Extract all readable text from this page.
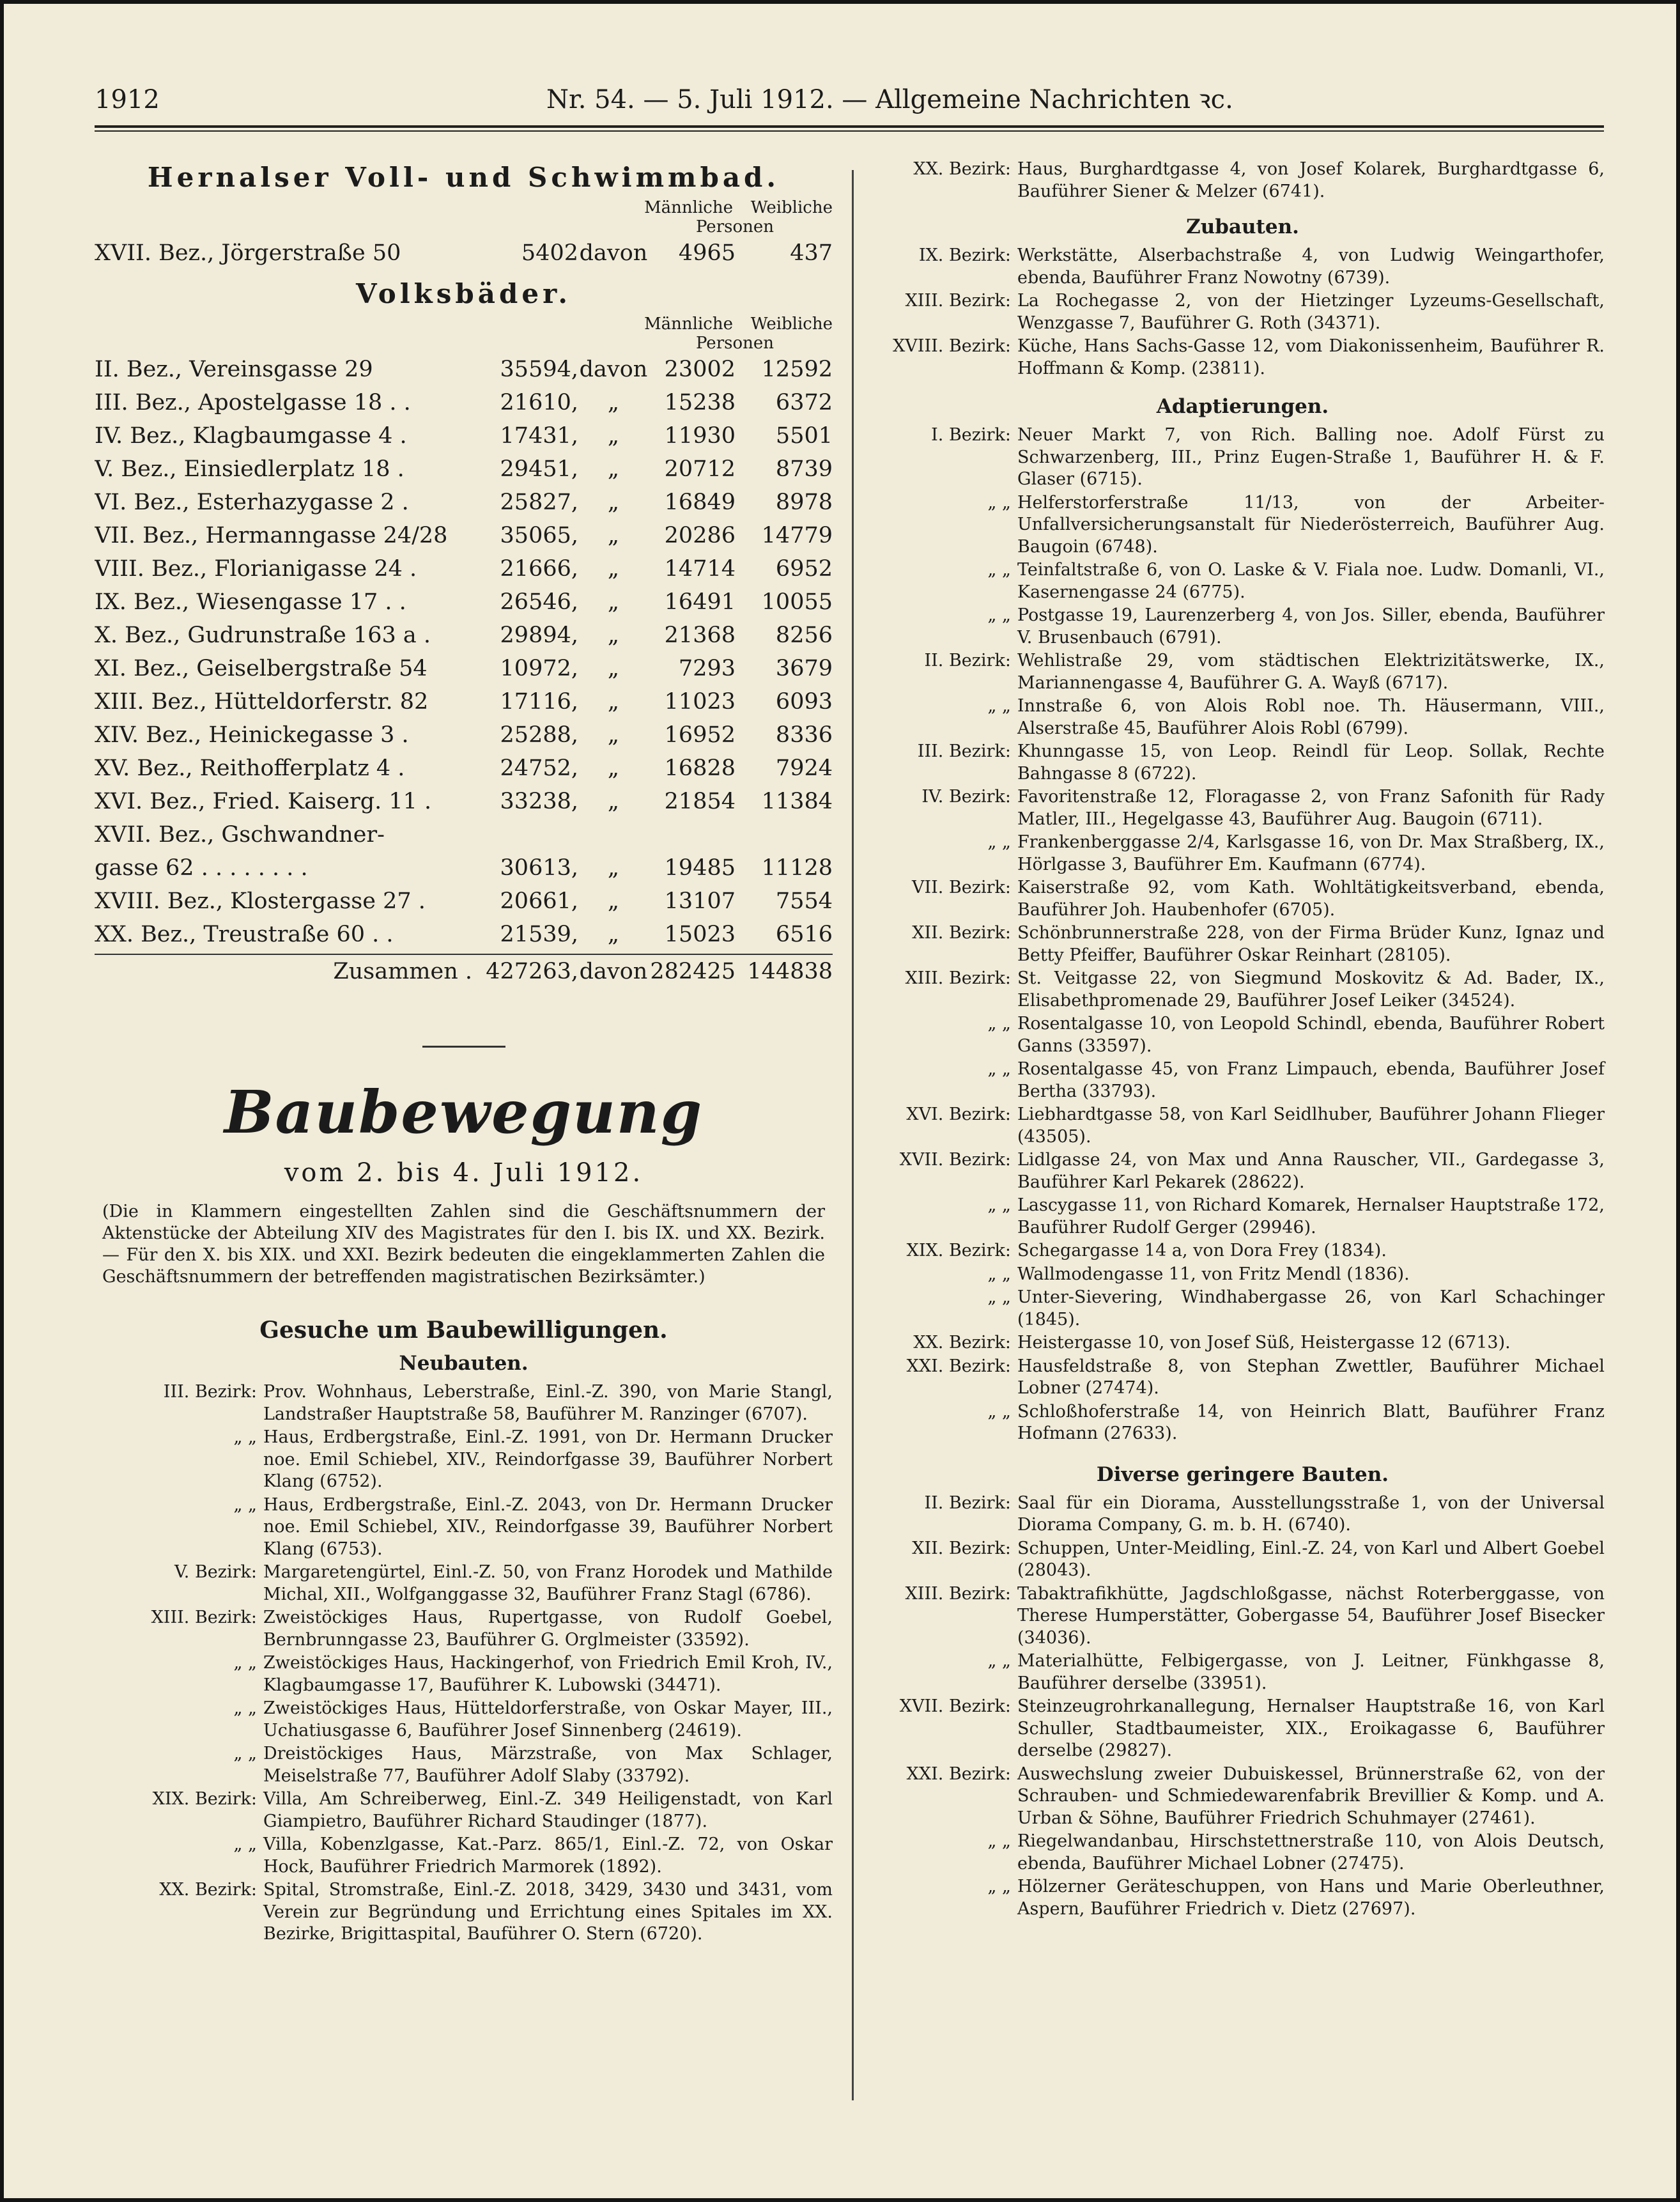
1912	Nr. 54. — 5. Juli 1912. — Allgemeine Nachrichten ꝛc.
Hernalser Voll- und Schwimmbad.
Männliche	Weibliche
Personen
XVII. Bez., Jörgerstraße 50	5402 davon	4965	437
Volksbäder.
Männliche	Weibliche
Personen
II. Bez., Vereinsgasse 29	35594, davon 23002	12592
III. Bez., Apostelgasse 18 . .	21610,	„	15238	6372
IV. Bez., Klagbaumgasse 4 .	17431,	„	11930	5501
V. Bez., Einsiedlerplatz 18 .	29451,	„	20712	8739
VI. Bez., Esterhazygasse 2 .	25827,	„	16849	8978
VII. Bez., Hermanngasse 24/28	35065,	„	20286	14779
VIII. Bez., Florianigasse 24 .	21666,	„	14714	6952
IX. Bez., Wiesengasse 17 . .	26546,	„	16491	10055
X. Bez., Gudrunstraße 163 a .	29894,	„	21368	8256
XI. Bez., Geiselbergstraße 54	10972,	„	7293	3679
XIII. Bez., Hütteldorferstr. 82	17116,	„	11023	6093
XIV. Bez., Heinickegasse 3 .	25288,	„	16952	8336
XV. Bez., Reithofferplatz 4 .	24752,	„	16828	7924
XVI. Bez., Fried. Kaiserg. 11 .	33238,	„	21854	11384
XVII. Bez., Gschwandner-
gasse 62 . . . . . . . .	30613,	„	19485	11128
XVIII. Bez., Klostergasse 27 .	20661,	„	13107	7554
XX. Bez., Treustraße 60 . .	21539,	„	15023	6516
Zusammen . 427263, davon 282425 144838
Baubewegung
vom 2. bis 4. Juli 1912.

(Die in Klammern eingestellten Zahlen sind die Geschäftsnummern der Aktenstücke der Abteilung XIV des Magistrates für den I. bis IX. und XX. Bezirk. — Für den X. bis XIX. und XXI. Bezirk bedeuten die eingeklammerten Zahlen die Geschäftsnummern der betreffenden magistratischen Bezirksämter.)

Gesuche um Baubewilligungen.
Neubauten.
III. Bezirk: Prov. Wohnhaus, Leberstraße, Einl.-Z. 390, von Marie Stangl, Landstraßer Hauptstraße 58, Bauführer M. Ranzinger (6707).
„ „ Haus, Erdbergstraße, Einl.-Z. 1991, von Dr. Hermann Drucker noe. Emil Schiebel, XIV., Reindorfgasse 39, Bauführer Norbert Klang (6752).
„ „ Haus, Erdbergstraße, Einl.-Z. 2043, von Dr. Hermann Drucker noe. Emil Schiebel, XIV., Reindorfgasse 39, Bauführer Norbert Klang (6753).
V. Bezirk: Margaretengürtel, Einl.-Z. 50, von Franz Horodek und Mathilde Michal, XII., Wolfganggasse 32, Bauführer Franz Stagl (6786).
XIII. Bezirk: Zweistöckiges Haus, Rupertgasse, von Rudolf Goebel, Bernbrunngasse 23, Bauführer G. Orglmeister (33592).
„ „ Zweistöckiges Haus, Hackingerhof, von Friedrich Emil Kroh, IV., Klagbaumgasse 17, Bauführer K. Lubowski (34471).
„ „ Zweistöckiges Haus, Hütteldorferstraße, von Oskar Mayer, III., Uchatiusgasse 6, Bauführer Josef Sinnenberg (24619).
„ „ Dreistöckiges Haus, Märzstraße, von Max Schlager, Meiselstraße 77, Bauführer Adolf Slaby (33792).
XIX. Bezirk: Villa, Am Schreiberweg, Einl.-Z. 349 Heiligenstadt, von Karl Giampietro, Bauführer Richard Staudinger (1877).
„ „ Villa, Kobenzlgasse, Kat.-Parz. 865/1, Einl.-Z. 72, von Oskar Hock, Bauführer Friedrich Marmorek (1892).
XX. Bezirk: Spital, Stromstraße, Einl.-Z. 2018, 3429, 3430 und 3431, vom Verein zur Begründung und Errichtung eines Spitales im XX. Bezirke, Brigittaspital, Bauführer O. Stern (6720).
XX. Bezirk: Haus, Burghardtgasse 4, von Josef Kolarek, Burghardtgasse 6, Bauführer Siener & Melzer (6741).
Zubauten.
IX. Bezirk: Werkstätte, Alserbachstraße 4, von Ludwig Weingarthofer, ebenda, Bauführer Franz Nowotny (6739).
XIII. Bezirk: La Rochegasse 2, von der Hietzinger Lyzeums-Gesellschaft, Wenzgasse 7, Bauführer G. Roth (34371).
XVIII. Bezirk: Küche, Hans Sachs-Gasse 12, vom Diakonissenheim, Bauführer R. Hoffmann & Komp. (23811).
Adaptierungen.
I. Bezirk: Neuer Markt 7, von Rich. Balling noe. Adolf Fürst zu Schwarzenberg, III., Prinz Eugen-Straße 1, Bauführer H. & F. Glaser (6715).
„ „ Helferstorferstraße 11/13, von der Arbeiter-Unfallversicherungsanstalt für Niederösterreich, Bauführer Aug. Baugoin (6748).
„ „ Teinfaltstraße 6, von O. Laske & V. Fiala noe. Ludw. Domanli, VI., Kasernengasse 24 (6775).
„ „ Postgasse 19, Laurenzerberg 4, von Jos. Siller, ebenda, Bauführer V. Brusenbauch (6791).
II. Bezirk: Wehlistraße 29, vom städtischen Elektrizitätswerke, IX., Mariannengasse 4, Bauführer G. A. Wayß (6717).
„ „ Innstraße 6, von Alois Robl noe. Th. Häusermann, VIII., Alserstraße 45, Bauführer Alois Robl (6799).
III. Bezirk: Khunngasse 15, von Leop. Reindl für Leop. Sollak, Rechte Bahngasse 8 (6722).
IV. Bezirk: Favoritenstraße 12, Floragasse 2, von Franz Safonith für Rady Matler, III., Hegelgasse 43, Bauführer Aug. Baugoin (6711).
„ „ Frankenberggasse 2/4, Karlsgasse 16, von Dr. Max Straßberg, IX., Hörlgasse 3, Bauführer Em. Kaufmann (6774).
VII. Bezirk: Kaiserstraße 92, vom Kath. Wohltätigkeitsverband, ebenda, Bauführer Joh. Haubenhofer (6705).
XII. Bezirk: Schönbrunnerstraße 228, von der Firma Brüder Kunz, Ignaz und Betty Pfeiffer, Bauführer Oskar Reinhart (28105).
XIII. Bezirk: St. Veitgasse 22, von Siegmund Moskovitz & Ad. Bader, IX., Elisabethpromenade 29, Bauführer Josef Leiker (34524).
„ „ Rosentalgasse 10, von Leopold Schindl, ebenda, Bauführer Robert Ganns (33597).
„ „ Rosentalgasse 45, von Franz Limpauch, ebenda, Bauführer Josef Bertha (33793).
XVI. Bezirk: Liebhardtgasse 58, von Karl Seidlhuber, Bauführer Johann Flieger (43505).
XVII. Bezirk: Lidlgasse 24, von Max und Anna Rauscher, VII., Gardegasse 3, Bauführer Karl Pekarek (28622).
„ „ Lascygasse 11, von Richard Komarek, Hernalser Hauptstraße 172, Bauführer Rudolf Gerger (29946).
XIX. Bezirk: Schegargasse 14 a, von Dora Frey (1834).
„ „ Wallmodengasse 11, von Fritz Mendl (1836).
„ „ Unter-Sievering, Windhabergasse 26, von Karl Schachinger (1845).
XX. Bezirk: Heistergasse 10, von Josef Süß, Heistergasse 12 (6713).
XXI. Bezirk: Hausfeldstraße 8, von Stephan Zwettler, Bauführer Michael Lobner (27474).
„ „ Schloßhoferstraße 14, von Heinrich Blatt, Bauführer Franz Hofmann (27633).
Diverse geringere Bauten.
II. Bezirk: Saal für ein Diorama, Ausstellungsstraße 1, von der Universal Diorama Company, G. m. b. H. (6740).
XII. Bezirk: Schuppen, Unter-Meidling, Einl.-Z. 24, von Karl und Albert Goebel (28043).
XIII. Bezirk: Tabaktrafikhütte, Jagdschloßgasse, nächst Roterberggasse, von Therese Humperstätter, Gobergasse 54, Bauführer Josef Bisecker (34036).
„ „ Materialhütte, Felbigergasse, von J. Leitner, Fünkhgasse 8, Bauführer derselbe (33951).
XVII. Bezirk: Steinzeugrohrkanallegung, Hernalser Hauptstraße 16, von Karl Schuller, Stadtbaumeister, XIX., Eroikagasse 6, Bauführer derselbe (29827).
XXI. Bezirk: Auswechslung zweier Dubuiskessel, Brünnerstraße 62, von der Schrauben- und Schmiedewarenfabrik Brevillier & Komp. und A. Urban & Söhne, Bauführer Friedrich Schuhmayer (27461).
„ „ Riegelwandanbau, Hirschstettnerstraße 110, von Alois Deutsch, ebenda, Bauführer Michael Lobner (27475).
„ „ Hölzerner Geräteschuppen, von Hans und Marie Oberleuthner, Aspern, Bauführer Friedrich v. Dietz (27697).
